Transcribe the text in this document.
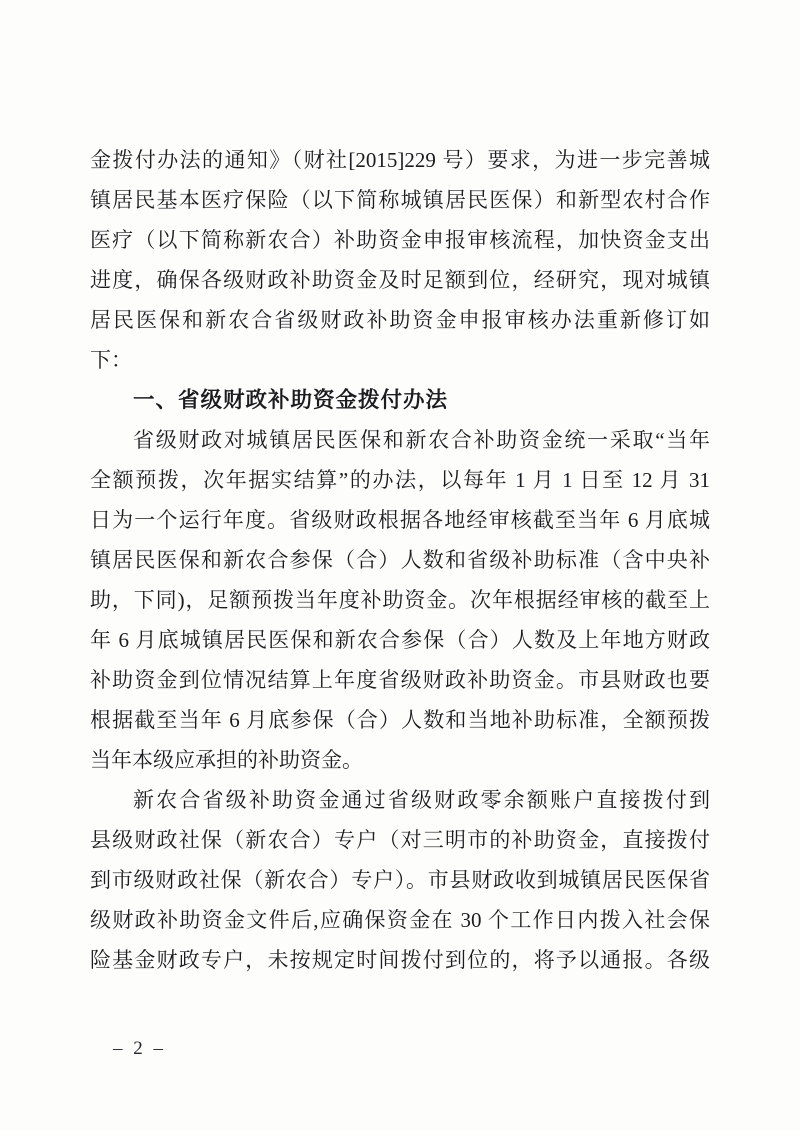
金拨付办法的通知》（财社[2015]229 号）要求，为进一步完善城
镇居民基本医疗保险（以下简称城镇居民医保）和新型农村合作
医疗（以下简称新农合）补助资金申报审核流程，加快资金支出
进度，确保各级财政补助资金及时足额到位，经研究，现对城镇
居民医保和新农合省级财政补助资金申报审核办法重新修订如
下：
一、省级财政补助资金拨付办法
省级财政对城镇居民医保和新农合补助资金统一采取“当年
全额预拨，次年据实结算”的办法，以每年 1 月 1 日至 12 月 31
日为一个运行年度。省级财政根据各地经审核截至当年 6 月底城
镇居民医保和新农合参保（合）人数和省级补助标准（含中央补
助，下同)，足额预拨当年度补助资金。次年根据经审核的截至上
年 6 月底城镇居民医保和新农合参保（合）人数及上年地方财政
补助资金到位情况结算上年度省级财政补助资金。市县财政也要
根据截至当年 6 月底参保（合）人数和当地补助标准，全额预拨
当年本级应承担的补助资金。
新农合省级补助资金通过省级财政零余额账户直接拨付到
县级财政社保（新农合）专户（对三明市的补助资金，直接拨付
到市级财政社保（新农合）专户）。市县财政收到城镇居民医保省
级财政补助资金文件后,应确保资金在 30 个工作日内拨入社会保
险基金财政专户，未按规定时间拨付到位的，将予以通报。各级
– 2 –
